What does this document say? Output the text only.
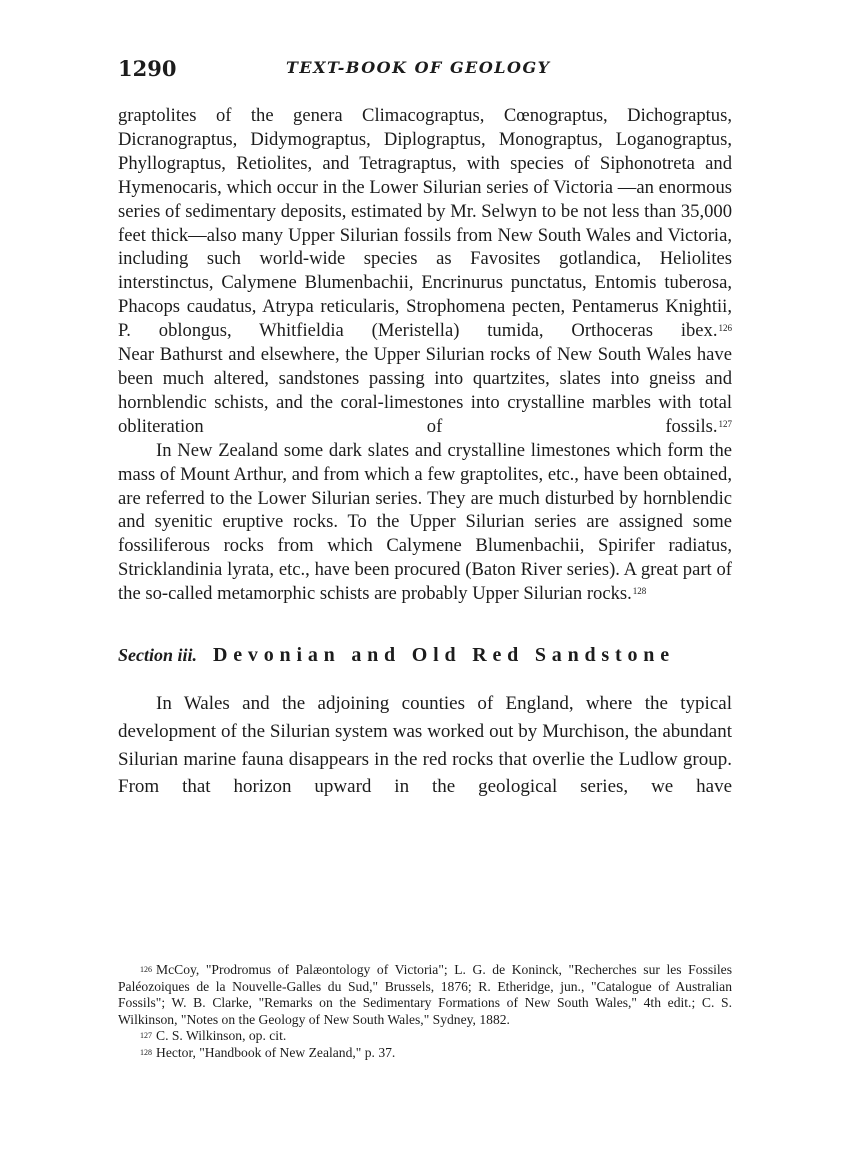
1290	TEXT-BOOK OF GEOLOGY

graptolites of the genera Climacograptus, Cœnograptus, Dichograptus, Dicranograptus, Didymograptus, Diplograptus, Monograptus, Loganograptus, Phyllograptus, Retiolites, and Tetragraptus, with species of Siphonotreta and Hymenocaris, which occur in the Lower Silurian series of Victoria —an enormous series of sedimentary deposits, estimated by Mr. Selwyn to be not less than 35,000 feet thick—also many Upper Silurian fossils from New South Wales and Victoria, including such world-wide species as Favosites gotlandica, Heliolites interstinctus, Calymene Blumenbachii, Encrinurus punctatus, Entomis tuberosa, Phacops caudatus, Atrypa reticularis, Strophomena pecten, Pentamerus Knightii, P. oblongus, Whitfieldia (Meristella) tumida, Orthoceras ibex.$^{126}$

Near Bathurst and elsewhere, the Upper Silurian rocks of New South Wales have been much altered, sandstones passing into quartzites, slates into gneiss and hornblendic schists, and the coral-limestones into crystalline marbles with total obliteration of fossils.$^{127}$

In New Zealand some dark slates and crystalline limestones which form the mass of Mount Arthur, and from which a few graptolites, etc., have been obtained, are referred to the Lower Silurian series. They are much disturbed by hornblendic and syenitic eruptive rocks. To the Upper Silurian series are assigned some fossiliferous rocks from which Calymene Blumenbachii, Spirifer radiatus, Stricklandinia lyrata, etc., have been procured (Baton River series). A great part of the so-called metamorphic schists are probably Upper Silurian rocks.$^{128}$

Section iii. Devonian and Old Red Sandstone

In Wales and the adjoining counties of England, where the typical development of the Silurian system was worked out by Murchison, the abundant Silurian marine fauna disappears in the red rocks that overlie the Ludlow group. From that horizon upward in the geological series, we have

$^{126}$ McCoy, "Prodromus of Palæontology of Victoria"; L. G. de Koninck, "Recherches sur les Fossiles Paléozoiques de la Nouvelle-Galles du Sud," Brussels, 1876; R. Etheridge, jun., "Catalogue of Australian Fossils"; W. B. Clarke, "Remarks on the Sedimentary Formations of New South Wales," 4th edit.; C. S. Wilkinson, "Notes on the Geology of New South Wales," Sydney, 1882.

$^{127}$ C. S. Wilkinson, op. cit.

$^{128}$ Hector, "Handbook of New Zealand," p. 37.
